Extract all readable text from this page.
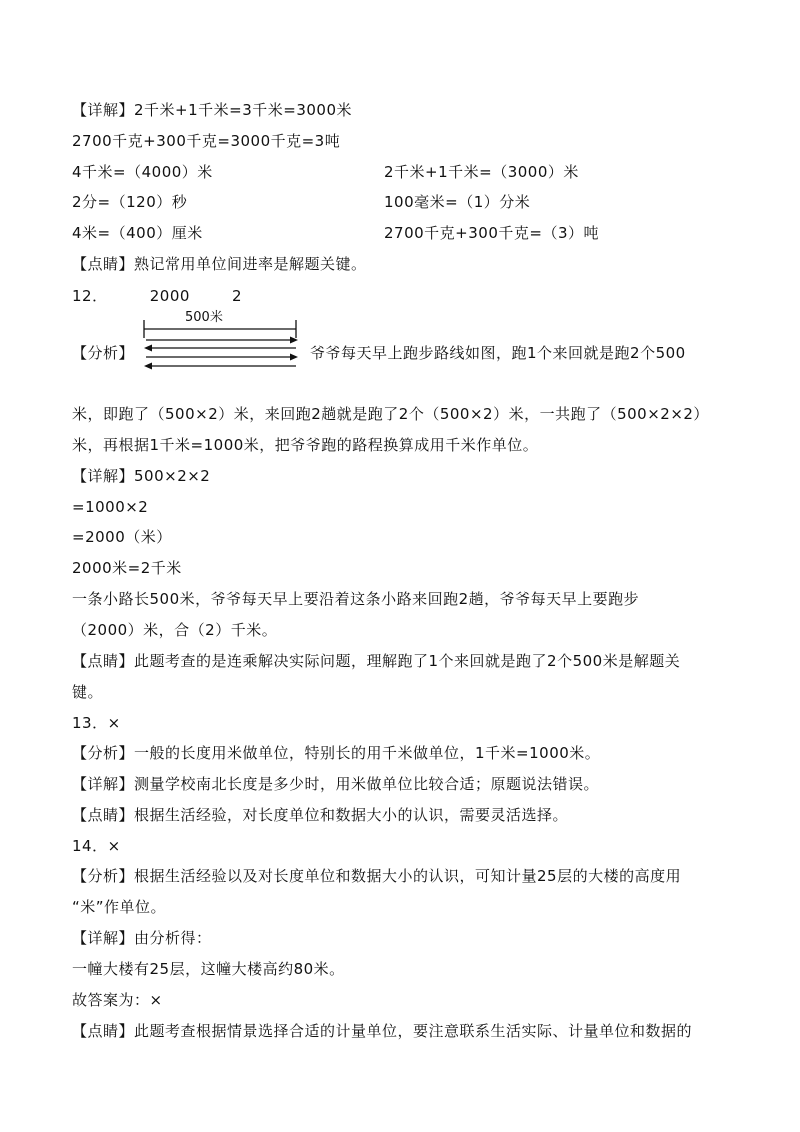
【详解】2千米+1千米=3千米=3000米
2700千克+300千克=3000千克=3吨
4千米=（4000）米	2千米+1千米=（3000）米
2分=（120）秒	100毫米=（1）分米
4米=（400）厘米	2700千克+300千克=（3）吨
【点睛】熟记常用单位间进率是解题关键。
12．        2000        2
500米
【分析】	爷爷每天早上跑步路线如图，跑1个来回就是跑2个500
米，即跑了（500×2）米，来回跑2趟就是跑了2个（500×2）米，一共跑了（500×2×2）
米，再根据1千米=1000米，把爷爷跑的路程换算成用千米作单位。
【详解】500×2×2
=1000×2
=2000（米）
2000米=2千米
一条小路长500米，爷爷每天早上要沿着这条小路来回跑2趟，爷爷每天早上要跑步
（2000）米，合（2）千米。
【点睛】此题考查的是连乘解决实际问题，理解跑了1个来回就是跑了2个500米是解题关
键。
13．×
【分析】一般的长度用米做单位，特别长的用千米做单位，1千米=1000米。
【详解】测量学校南北长度是多少时，用米做单位比较合适；原题说法错误。
【点睛】根据生活经验，对长度单位和数据大小的认识，需要灵活选择。
14．×
【分析】根据生活经验以及对长度单位和数据大小的认识，可知计量25层的大楼的高度用
“米”作单位。
【详解】由分析得：
一幢大楼有25层，这幢大楼高约80米。
故答案为：×
【点睛】此题考查根据情景选择合适的计量单位，要注意联系生活实际、计量单位和数据的
